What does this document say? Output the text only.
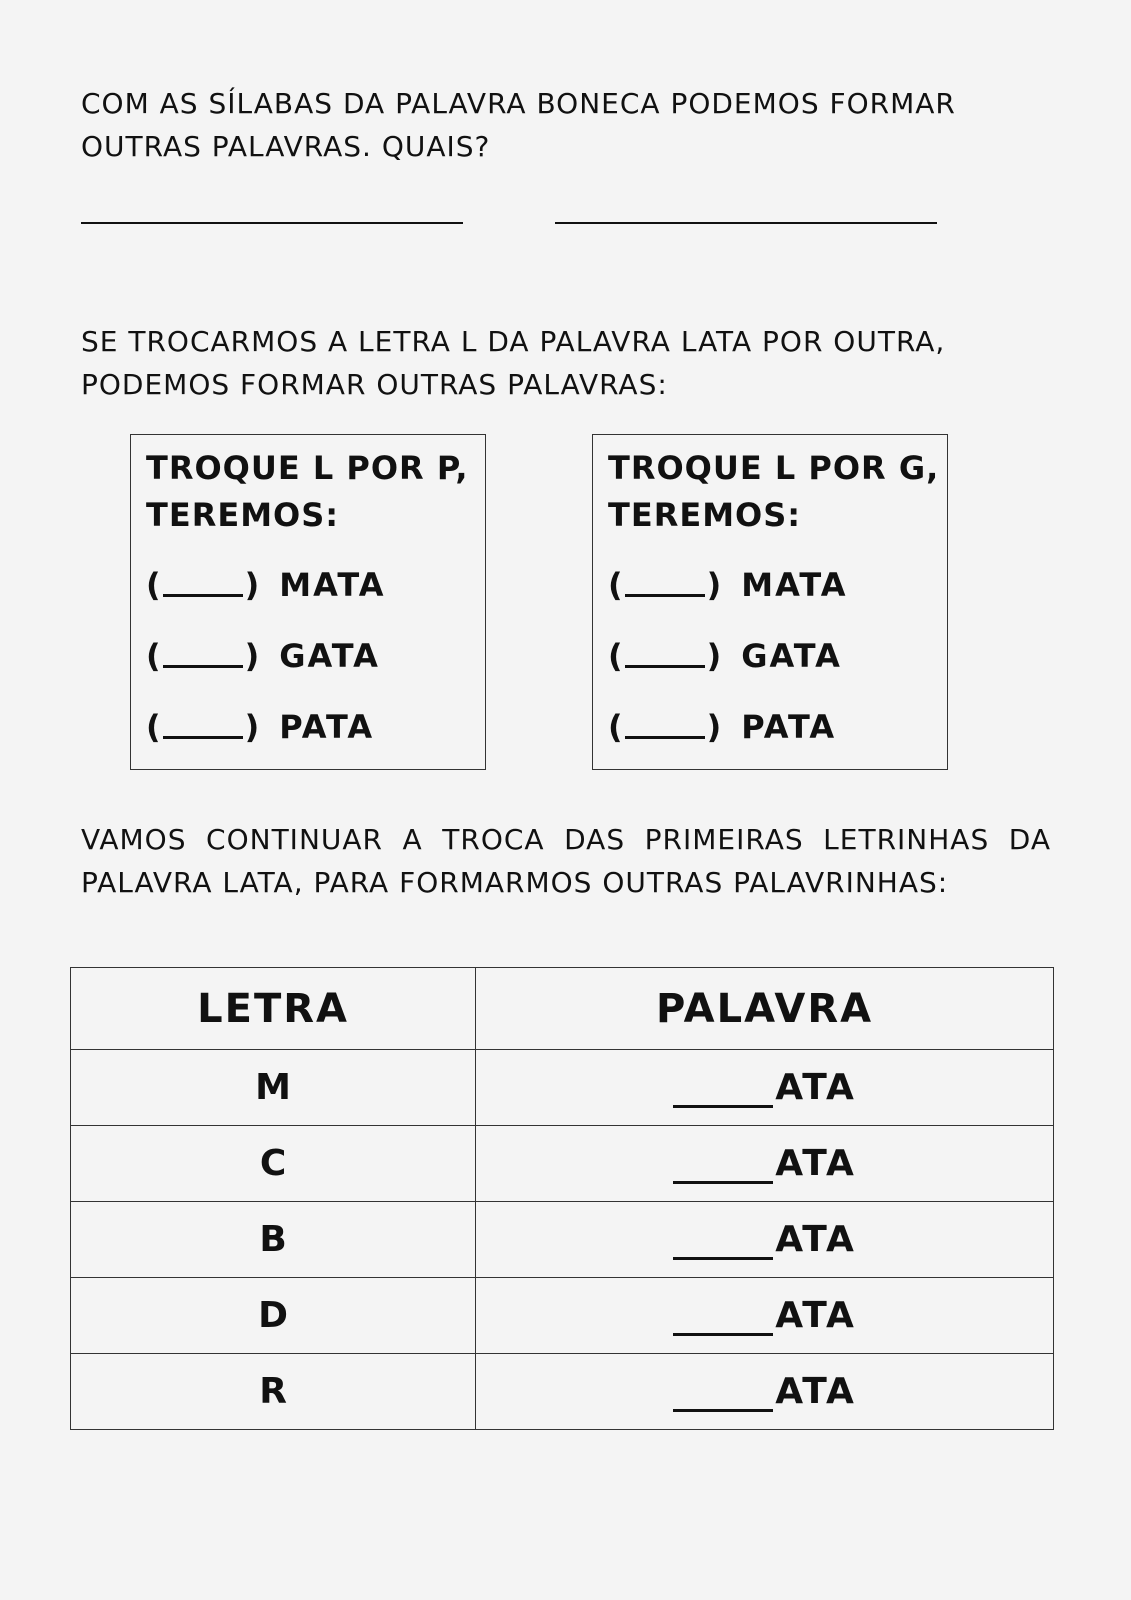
COM AS SÍLABAS DA PALAVRA BONECA PODEMOS FORMAR
OUTRAS PALAVRAS. QUAIS?

SE TROCARMOS A LETRA L DA PALAVRA LATA POR OUTRA,
PODEMOS FORMAR OUTRAS PALAVRAS:

TROQUE L POR P,
TEREMOS:
(	) MATA
(	) GATA
(	) PATA
TROQUE L POR G,
TEREMOS:
(	) MATA
(	) GATA
(	) PATA

VAMOS CONTINUAR A TROCA DAS PRIMEIRAS LETRINHAS DA PALAVRA LATA, PARA FORMARMOS OUTRAS PALAVRINHAS:

LETRA	PALAVRA
M	ATA
C	ATA
B	ATA
D	ATA
R	ATA
